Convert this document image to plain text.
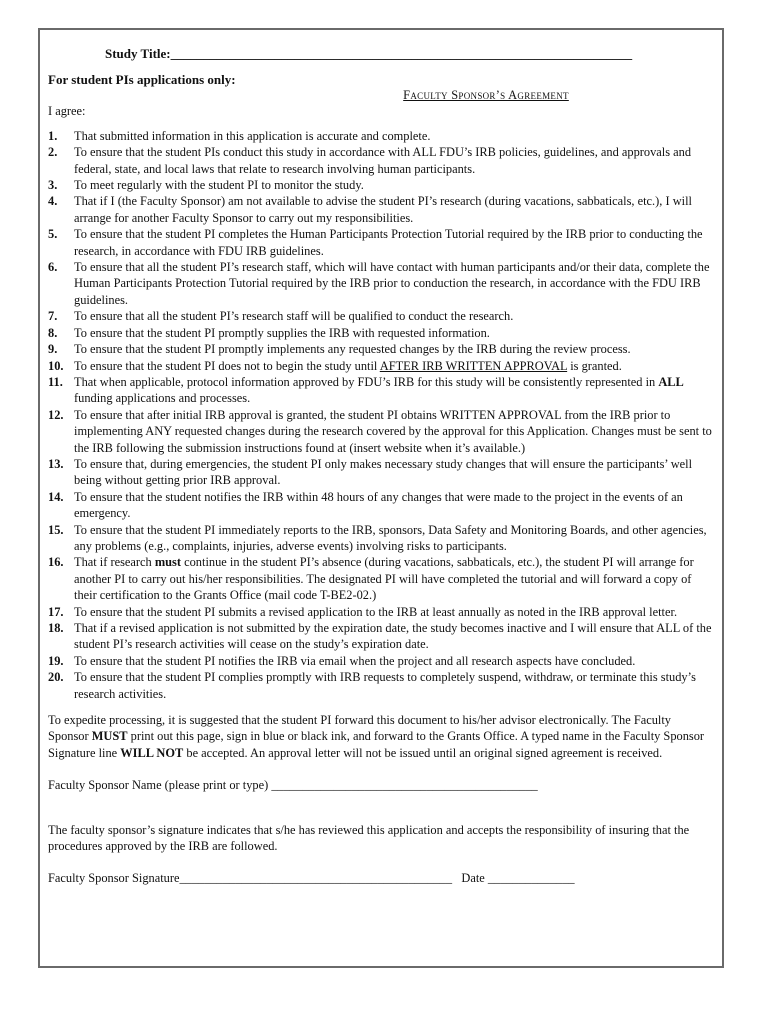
Study Title:_______________________________________________________________________
For student PIs applications only:
Faculty Sponsor’s Agreement
I agree:
1.	That submitted information in this application is accurate and complete.
2.	To ensure that the student PIs conduct this study in accordance with ALL FDU’s IRB policies, guidelines, and approvals and federal, state, and local laws that relate to research involving human participants.
3.	To meet regularly with the student PI to monitor the study.
4.	That if I (the Faculty Sponsor) am not available to advise the student PI’s research (during vacations, sabbaticals, etc.), I will arrange for another Faculty Sponsor to carry out my responsibilities.
5.	To ensure that the student PI completes the Human Participants Protection Tutorial required by the IRB prior to conducting the research, in accordance with FDU IRB guidelines.
6.	To ensure that all the student PI’s research staff, which will have contact with human participants and/or their data, complete the Human Participants Protection Tutorial required by the IRB prior to conduction the research, in accordance with the FDU IRB guidelines.
7.	To ensure that all the student PI’s research staff will be qualified to conduct the research.
8.	To ensure that the student PI promptly supplies the IRB with requested information.
9.	To ensure that the student PI promptly implements any requested changes by the IRB during the review process.
10. To ensure that the student PI does not to begin the study until AFTER IRB WRITTEN APPROVAL is granted.
11. That when applicable, protocol information approved by FDU’s IRB for this study will be consistently represented in ALL funding applications and processes.
12. To ensure that after initial IRB approval is granted, the student PI obtains WRITTEN APPROVAL from the IRB prior to implementing ANY requested changes during the research covered by the approval for this Application. Changes must be sent to the IRB following the submission instructions found at (insert website when it’s available.)
13. To ensure that, during emergencies, the student PI only makes necessary study changes that will ensure the participants’ well being without getting prior IRB approval.
14. To ensure that the student notifies the IRB within 48 hours of any changes that were made to the project in the events of an emergency.
15. To ensure that the student PI immediately reports to the IRB, sponsors, Data Safety and Monitoring Boards, and other agencies, any problems (e.g., complaints, injuries, adverse events) involving risks to participants.
16. That if research must continue in the student PI’s absence (during vacations, sabbaticals, etc.), the student PI will arrange for another PI to carry out his/her responsibilities. The designated PI will have completed the tutorial and will forward a copy of their certification to the Grants Office (mail code T-BE2-02.)
17. To ensure that the student PI submits a revised application to the IRB at least annually as noted in the IRB approval letter.
18. That if a revised application is not submitted by the expiration date, the study becomes inactive and I will ensure that ALL of the student PI’s research activities will cease on the study’s expiration date.
19. To ensure that the student PI notifies the IRB via email when the project and all research aspects have concluded.
20. To ensure that the student PI complies promptly with IRB requests to completely suspend, withdraw, or terminate this study’s research activities.
To expedite processing, it is suggested that the student PI forward this document to his/her advisor electronically. The Faculty Sponsor MUST print out this page, sign in blue or black ink, and forward to the Grants Office. A typed name in the Faculty Sponsor Signature line WILL NOT be accepted. An approval letter will not be issued until an original signed agreement is received.
Faculty Sponsor Name (please print or type) ___________________________________________
The faculty sponsor’s signature indicates that s/he has reviewed this application and accepts the responsibility of insuring that the procedures approved by the IRB are followed.
Faculty Sponsor Signature____________________________________________ Date ______________
